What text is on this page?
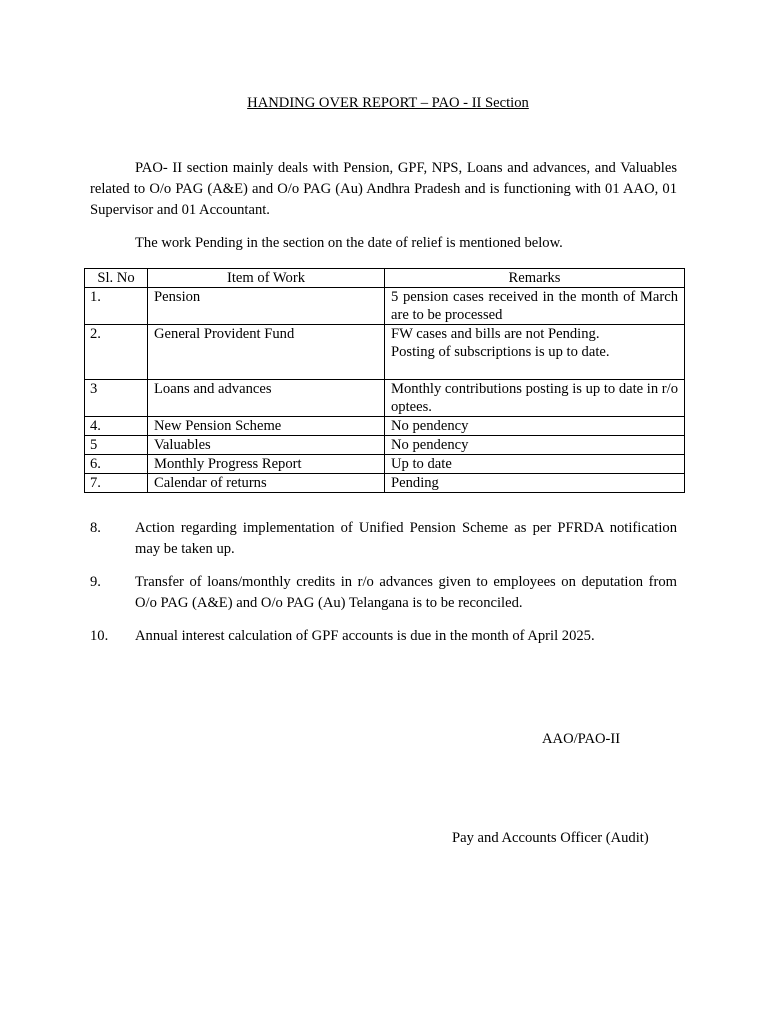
HANDING OVER REPORT – PAO - II Section

PAO- II section mainly deals with Pension, GPF, NPS, Loans and advances, and Valuables related to O/o PAG (A&E) and O/o PAG (Au) Andhra Pradesh and is functioning with 01 AAO, 01 Supervisor and 01 Accountant.

The work Pending in the section on the date of relief is mentioned below.

Sl. No	Item of Work	Remarks
1.	Pension	5 pension cases received in the month of March are to be processed

2.	General Provident Fund	FW cases and bills are not Pending.
Posting of subscriptions is up to date.

3	Loans and advances	Monthly contributions posting is up to date in r/o optees.

4.	New Pension Scheme	No pendency

5	Valuables	No pendency

6.	Monthly Progress Report	Up to date

7.	Calendar of returns	Pending
8. Action regarding implementation of Unified Pension Scheme as per PFRDA notification may be taken up.
9. Transfer of loans/monthly credits in r/o advances given to employees on deputation from O/o PAG (A&E) and O/o PAG (Au) Telangana is to be reconciled.
10. Annual interest calculation of GPF accounts is due in the month of April 2025.
AAO/PAO-II
Pay and Accounts Officer (Audit)
